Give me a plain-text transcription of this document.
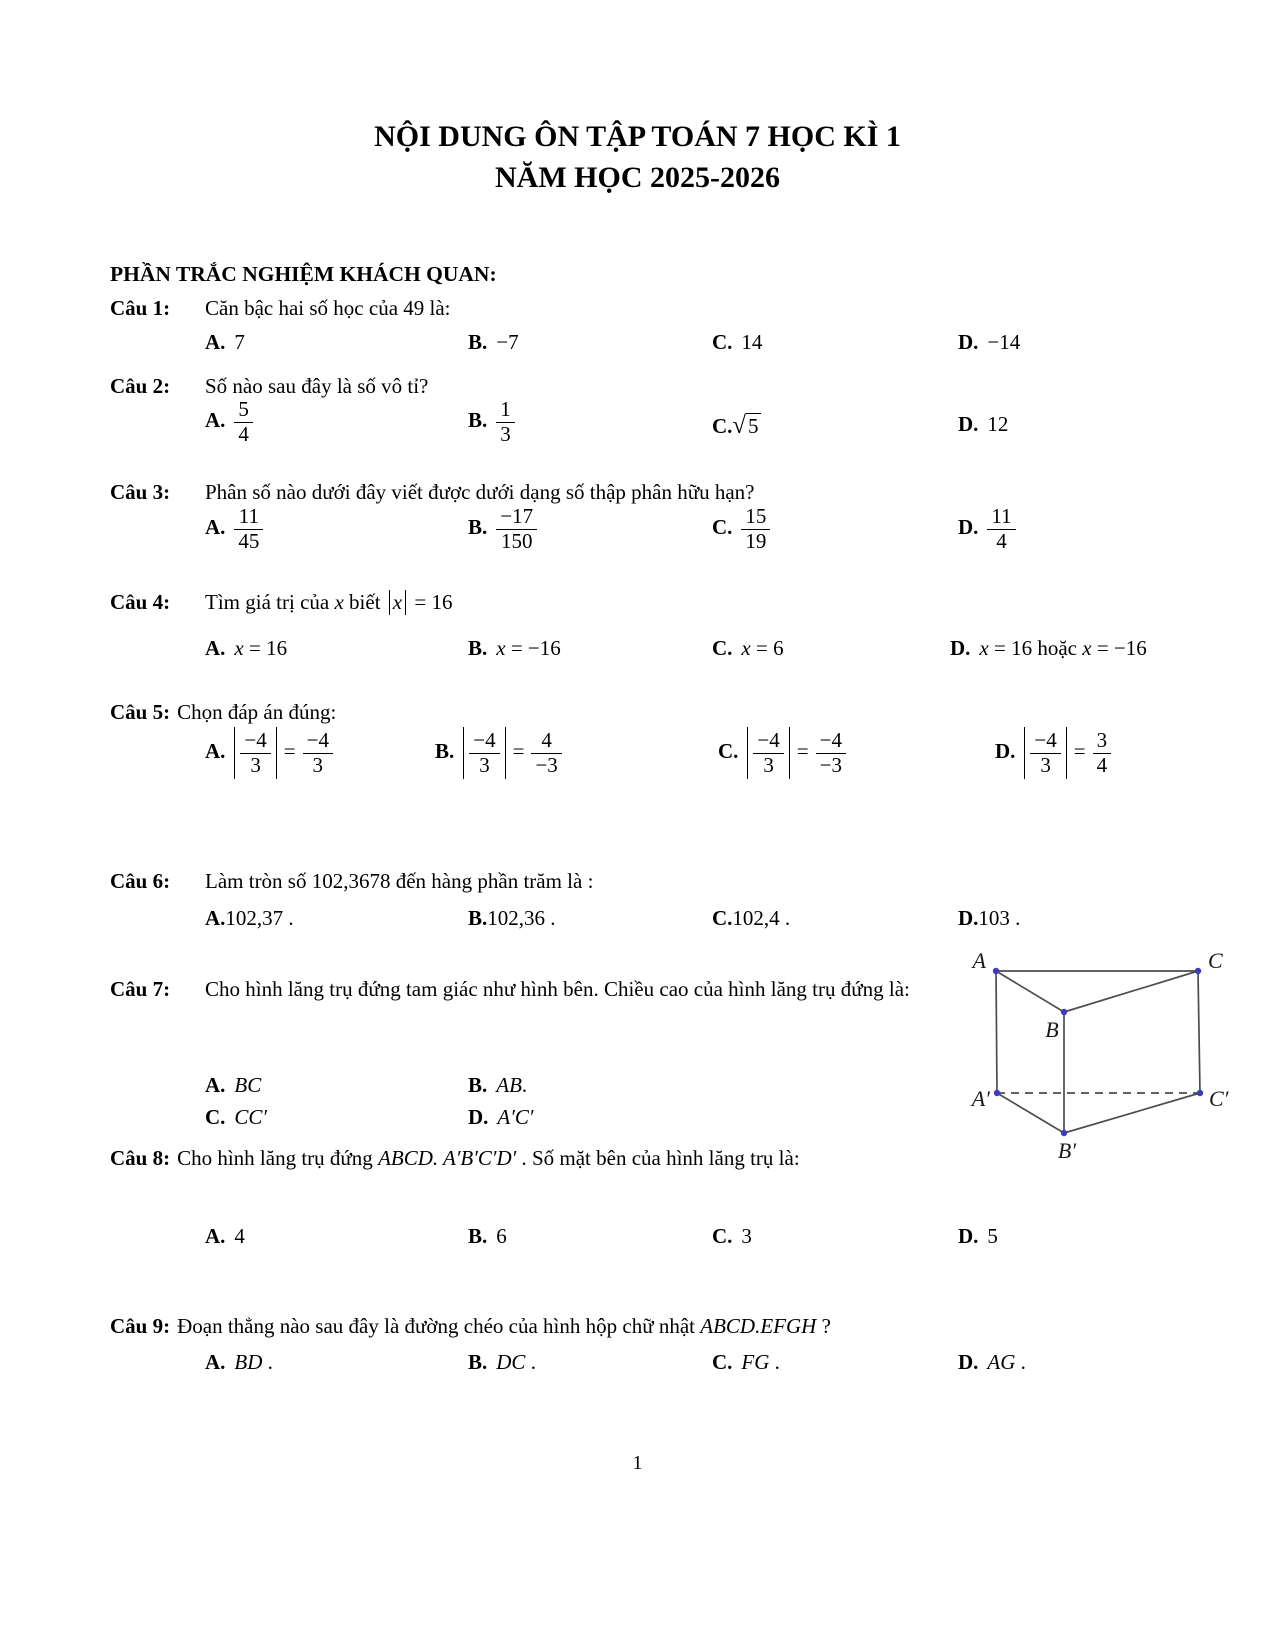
NỘI DUNG ÔN TẬP TOÁN 7 HỌC KÌ 1
NĂM HỌC 2025-2026
PHẦN TRẮC NGHIỆM KHÁCH QUAN:
Câu 1: Căn bậc hai số học của 49 là:
A. 7	B. −7	C. 14	D. −14
Câu 2: Số nào sau đây là số vô tỉ?
A. $\frac{5}{4}$	B. $\frac{1}{3}$	C.√5	D. 12
Câu 3: Phân số nào dưới đây viết được dưới dạng số thập phân hữu hạn?
A. $\frac{11}{45}$	B. $\frac{-17}{150}$	C. $\frac{15}{19}$	D. $\frac{11}{4}$
Câu 4: Tìm giá trị của x biết x = 16
A. x = 16	B. x = −16	C. x = 6	D. x = 16 hoặc x = −16
Câu 5: Chọn đáp án đúng:
A. $\frac{-4}{3} = \frac{-4}{3}$	B. $\frac{-4}{3} = \frac{4}{-3}$	C. $\frac{-4}{3} = \frac{-4}{-3}$	D. $\frac{-4}{3} = \frac{3}{4}$
Câu 6: Làm tròn số 102,3678 đến hàng phần trăm là :
A.102,37 .	B.102,36 .	C.102,4 .	D.103 .
Câu 7: Cho hình lăng trụ đứng tam giác như hình bên. Chiều cao của hình lăng trụ đứng là:
A. BC	B. AB.
C. CC′	D. A′C′
A	C
B
A′	C′
B′
Câu 8: Cho hình lăng trụ đứng ABCD. A′B′C′D′ . Số mặt bên của hình lăng trụ là:
A. 4	B. 6	C. 3	D. 5
Câu 9: Đoạn thẳng nào sau đây là đường chéo của hình hộp chữ nhật ABCD.EFGH ?
A. BD .	B. DC .	C. FG .	D. AG .
1
